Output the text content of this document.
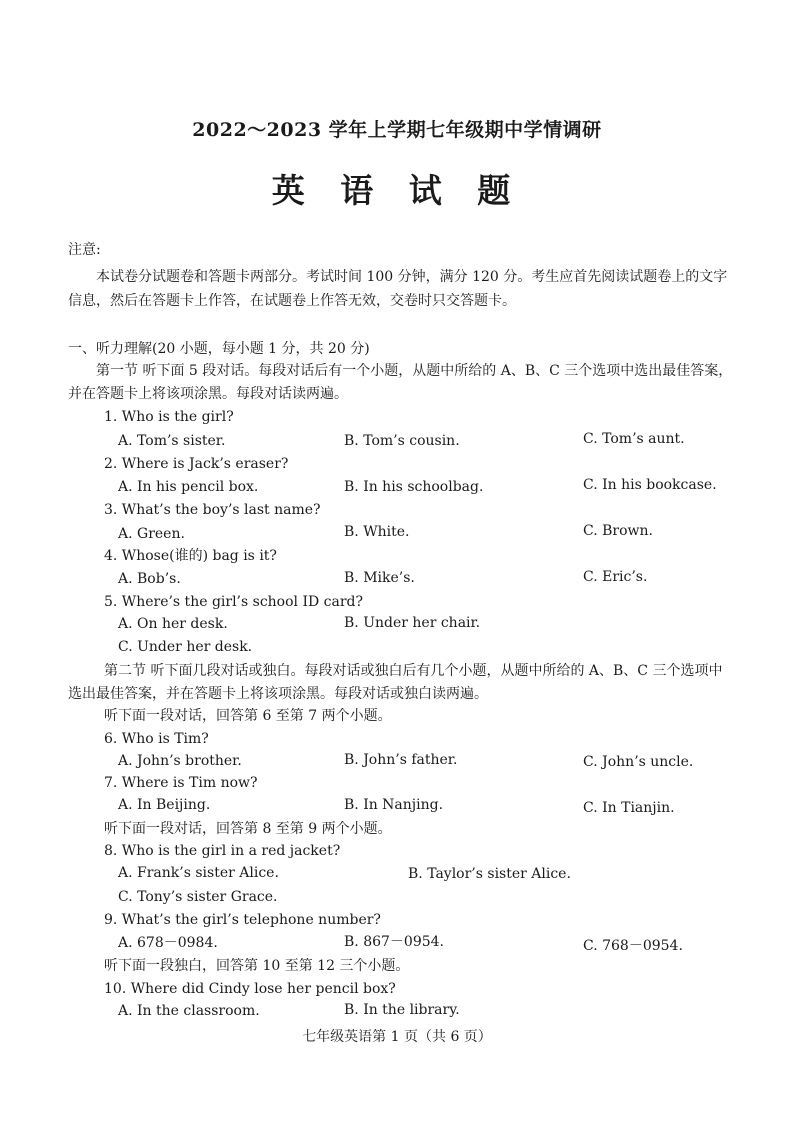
2022～2023 学年上学期七年级期中学情调研
英 语 试 题
注意:
本试卷分试题卷和答题卡两部分。考试时间 100 分钟，满分 120 分。考生应首先阅读试题卷上的文字信息，然后在答题卡上作答，在试题卷上作答无效，交卷时只交答题卡。
一、听力理解(20 小题，每小题 1 分，共 20 分)
第一节 听下面 5 段对话。每段对话后有一个小题，从题中所给的 A、B、C 三个选项中选出最佳答案，并在答题卡上将该项涂黑。每段对话读两遍。
1. Who is the girl?
A. Tom’s sister.	B. Tom’s cousin.	C. Tom’s aunt.
2. Where is Jack’s eraser?
A. In his pencil box.	B. In his schoolbag.	C. In his bookcase.
3. What’s the boy’s last name?
A. Green.	B. White.	C. Brown.
4. Whose(谁的) bag is it?
A. Bob’s.	B. Mike’s.	C. Eric’s.
5. Where’s the girl’s school ID card?
A. On her desk.	B. Under her chair.
C. Under her desk.
第二节 听下面几段对话或独白。每段对话或独白后有几个小题，从题中所给的 A、B、C 三个选项中选出最佳答案，并在答题卡上将该项涂黑。每段对话或独白读两遍。
听下面一段对话，回答第 6 至第 7 两个小题。
6. Who is Tim?
A. John’s brother.	B. John’s father.	C. John’s uncle.
7. Where is Tim now?
A. In Beijing.	B. In Nanjing.	C. In Tianjin.
听下面一段对话，回答第 8 至第 9 两个小题。
8. Who is the girl in a red jacket?
A. Frank’s sister Alice.	B. Taylor’s sister Alice.
C. Tony’s sister Grace.
9. What’s the girl’s telephone number?
A. 678－0984.	B. 867－0954.	C. 768－0954.
听下面一段独白，回答第 10 至第 12 三个小题。
10. Where did Cindy lose her pencil box?
A. In the classroom.	B. In the library.
七年级英语第 1 页（共 6 页）
